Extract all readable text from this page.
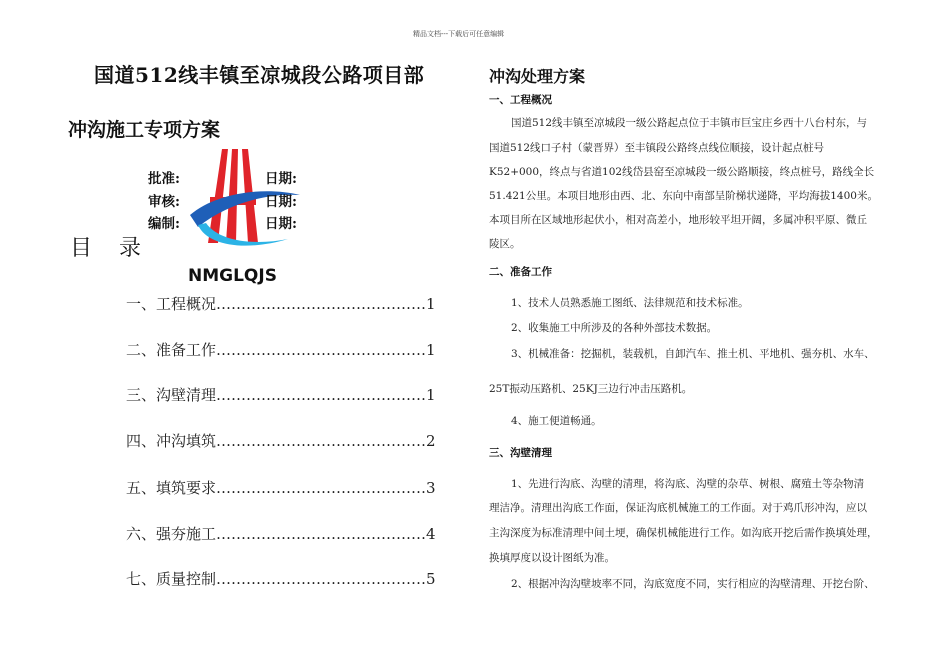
精品文档---下载后可任意编辑
国道512线丰镇至凉城段公路项目部
冲沟施工专项方案
NMGLQJS
批准:	日期:
审核:	日期:
编制:	日期:
目 录
一、工程概况……………………………………1
二、准备工作……………………………………1
三、沟壁清理……………………………………1
四、冲沟填筑……………………………………2
五、填筑要求……………………………………3
六、强夯施工……………………………………4
七、质量控制……………………………………5
冲沟处理方案
一、工程概况
国道512线丰镇至凉城段一级公路起点位于丰镇市巨宝庄乡西十八台村东，与
国道512线口子村（蒙晋界）至丰镇段公路终点线位顺接，设计起点桩号
K52+000，终点与省道102线岱县窑至凉城段一级公路顺接，终点桩号，路线全长
51.421公里。本项目地形由西、北、东向中南部呈阶梯状递降，平均海拔1400米。
本项目所在区域地形起伏小，相对高差小，地形较平坦开阔，多属冲积平原、微丘
陵区。
二、准备工作
1、技术人员熟悉施工图纸、法律规范和技术标准。
2、收集施工中所涉及的各种外部技术数据。
3、机械准备：挖掘机，装载机，自卸汽车、推土机、平地机、强夯机、水车、
25T振动压路机、25KJ三边行冲击压路机。
4、施工便道畅通。
三、沟壁清理
1、先进行沟底、沟壁的清理，将沟底、沟壁的杂草、树根、腐殖土等杂物清
理洁净。清理出沟底工作面，保证沟底机械施工的工作面。对于鸡爪形冲沟，应以
主沟深度为标准清理中间土埂，确保机械能进行工作。如沟底开挖后需作换填处理，
换填厚度以设计图纸为准。
2、根据冲沟沟壁坡率不同，沟底宽度不同，实行相应的沟壁清理、开挖台阶、
